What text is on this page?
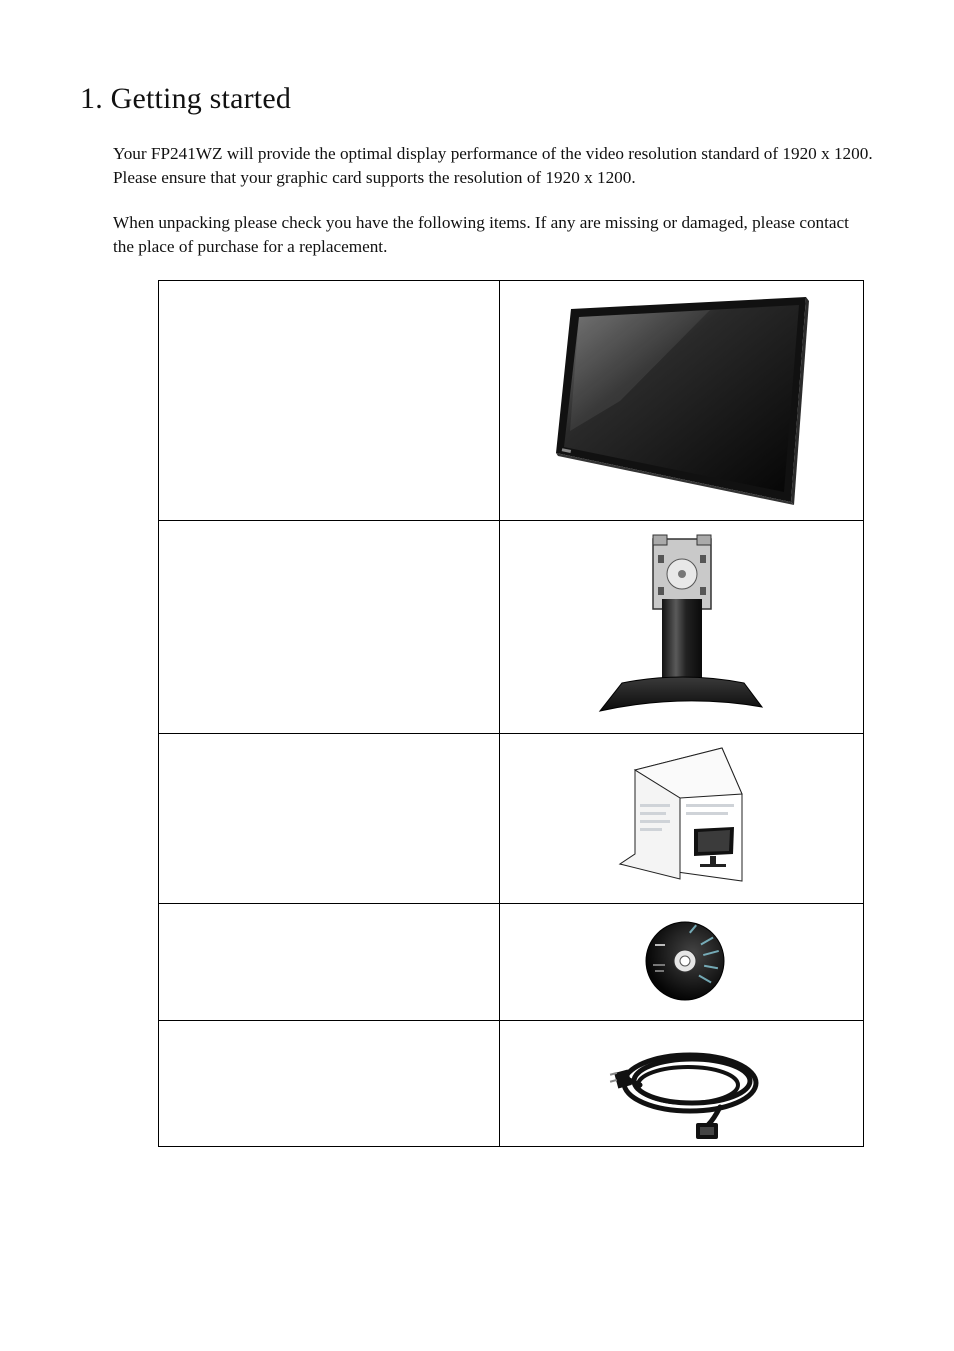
1. Getting started

Your FP241WZ will provide the optimal display performance of the video resolution standard of 1920 x 1200. Please ensure that your graphic card supports the resolution of 1920 x 1200.

When unpacking please check you have the following items. If any are missing or damaged, please contact the place of purchase for a replacement.
